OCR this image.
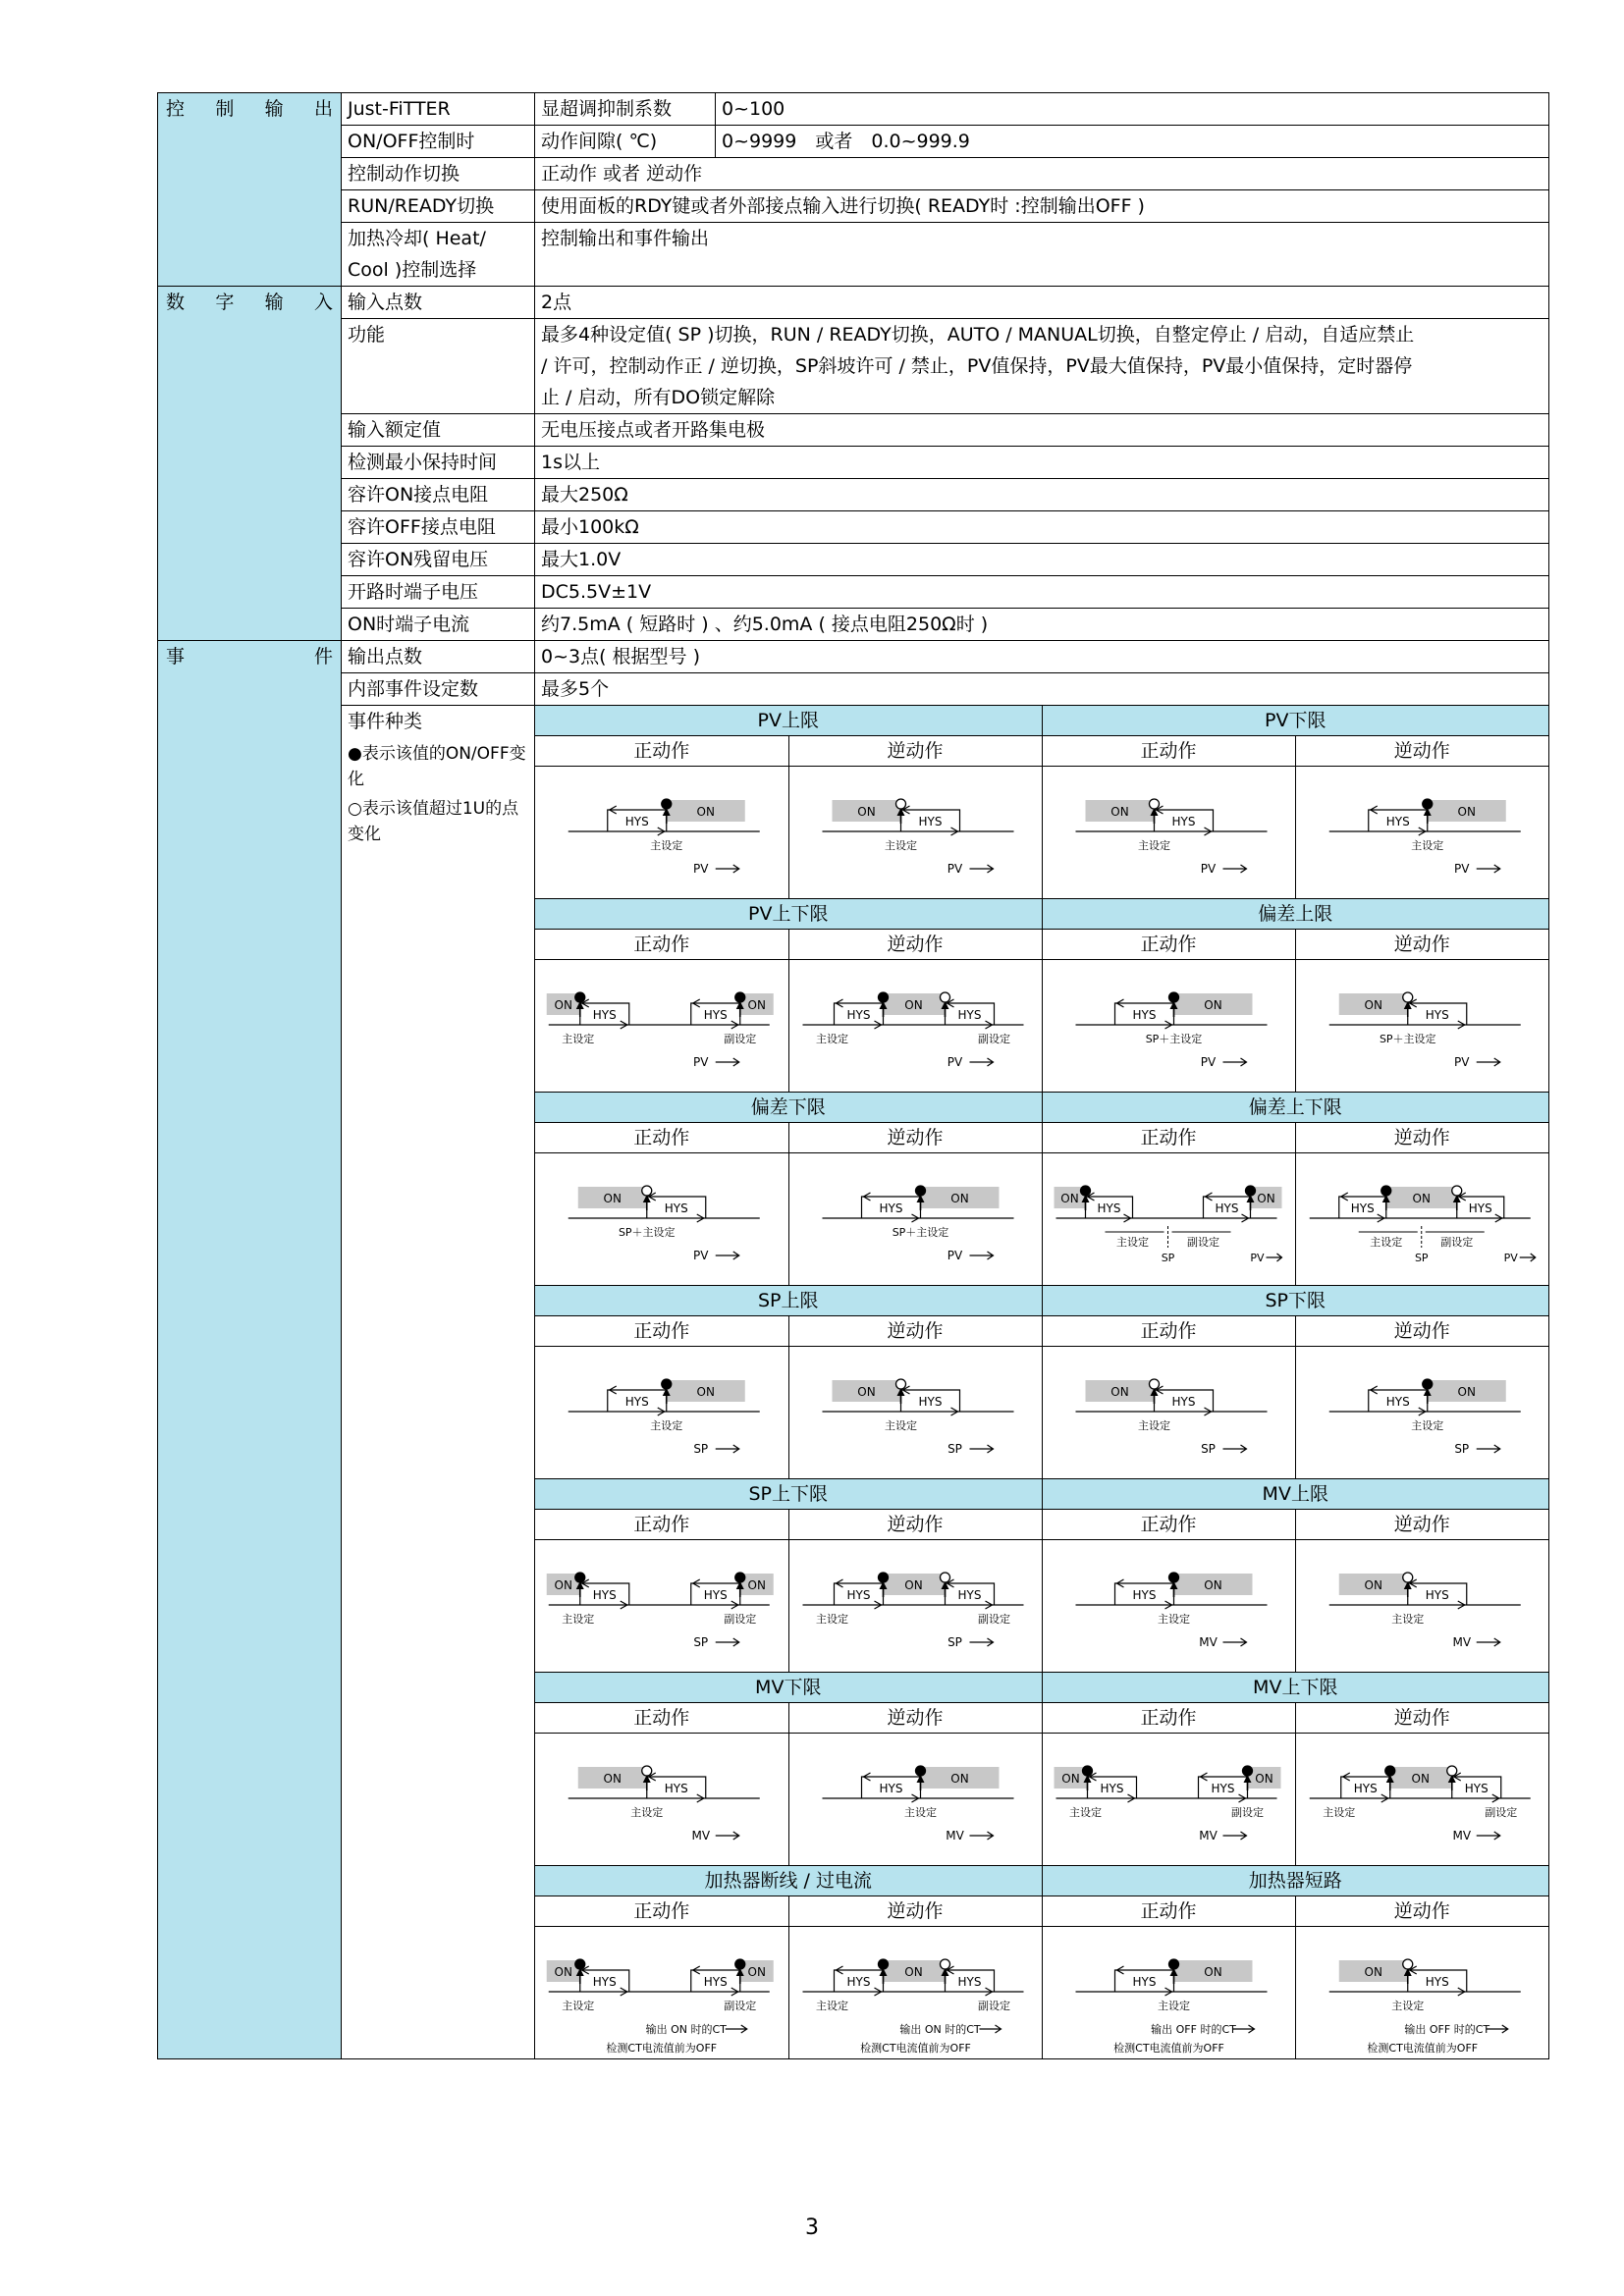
控 制 输 出	Just-FiTTER	显超调抑制系数	0~100
ON/OFF控制时	动作间隙( ℃)	0~9999　或者　0.0~999.9
控制动作切换	正动作 或者 逆动作
RUN/READY切换	使用面板的RDY键或者外部接点输入进行切换( READY时 :控制输出OFF )

加热冷却( Heat/
Cool )控制选择
	控制输出和事件输出

数 字 输 入	输入点数	2点
功能	最多4种设定值( SP )切换，RUN / READY切换，AUTO / MANUAL切换，自整定停止 / 启动，自适应禁止
/ 许可，控制动作正 / 逆切换，SP斜坡许可 / 禁止，PV值保持，PV最大值保持，PV最小值保持，定时器停
止 / 启动，所有DO锁定解除

输入额定值	无电压接点或者开路集电极
检测最小保持时间	1s以上
容许ON接点电阻	最大250Ω
容许OFF接点电阻	最小100kΩ
容许ON残留电压	最大1.0V
开路时端子电压	DC5.5V±1V
ON时端子电流	约7.5mA ( 短路时 ) 、约5.0mA ( 接点电阻250Ω时 )

事	件	输出点数	0~3点( 根据型号 )
内部事件设定数	最多5个

事件种类
●表示该值的ON/OFF变化
○表示该值超过1U的点变化

PV上限	PV下限
正动作	逆动作	正动作	逆动作

ON
HYS
主设定
PV

ON
HYS
主设定
PV

ON
HYS
主设定
PV

ON
HYS
主设定
PV

PV上下限	偏差上限
正动作	逆动作	正动作	逆动作

ON	ON
HYS	HYS
主设定	副设定
PV

ON
HYS	HYS
主设定	副设定
PV

ON
HYS
SP＋主设定
PV

ON
HYS
SP＋主设定
PV

偏差下限	偏差上下限
正动作	逆动作	正动作	逆动作

ON
HYS
SP＋主设定
PV

ON
HYS
SP＋主设定
PV

ON	ON
HYS	HYS
主设定	副设定
SP	PV

ON
HYS	HYS
主设定	副设定
SP	PV

SP上限	SP下限
正动作	逆动作	正动作	逆动作

ON
HYS
主设定
SP

ON
HYS
主设定
SP

ON
HYS
主设定
SP

ON
HYS
主设定
SP

SP上下限	MV上限
正动作	逆动作	正动作	逆动作

ON	ON
HYS	HYS
主设定	副设定
SP

ON
HYS	HYS
主设定	副设定
SP

ON
HYS
主设定
MV

ON
HYS
主设定
MV

MV下限	MV上下限
正动作	逆动作	正动作	逆动作

ON
HYS
主设定
MV

ON
HYS
主设定
MV

ON	ON
HYS	HYS
主设定	副设定
MV

ON
HYS	HYS
主设定	副设定
MV

加热器断线 / 过电流	加热器短路
正动作	逆动作	正动作	逆动作

ON	ON
HYS	HYS
主设定	副设定
输出 ON 时的CT
检测CT电流值前为OFF

ON
HYS	HYS
主设定	副设定
输出 ON 时的CT
检测CT电流值前为OFF

ON
HYS
主设定
输出 OFF 时的CT
检测CT电流值前为OFF

ON
HYS
主设定
输出 OFF 时的CT
检测CT电流值前为OFF
3
